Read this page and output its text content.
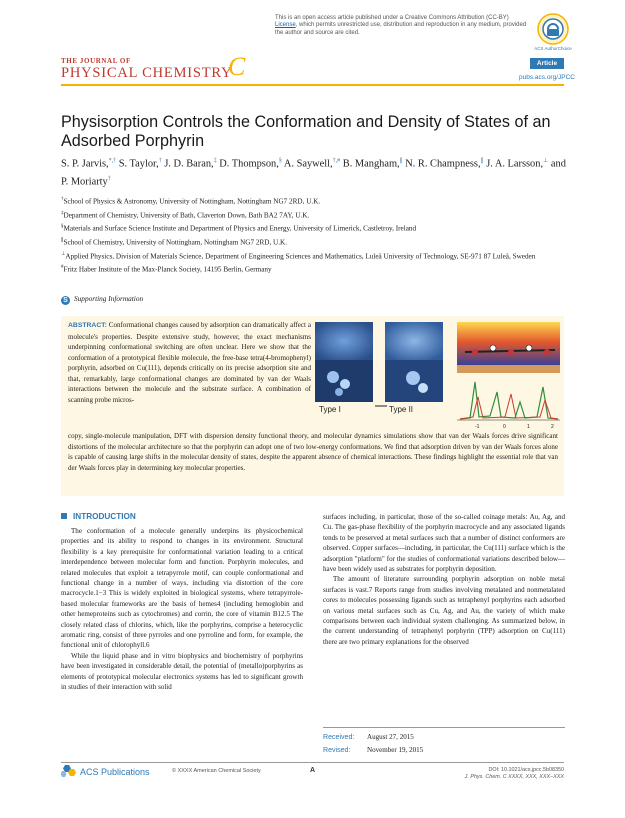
This is an open access article published under a Creative Commons Attribution (CC-BY) License, which permits unrestricted use, distribution and reproduction in any medium, provided the author and source are cited.
ACS AuthorChoice
THE JOURNAL OF
PHYSICAL CHEMISTRY
C	Article
pubs.acs.org/JPCC
Physisorption Controls the Conformation and Density of States of an Adsorbed Porphyrin
S. P. Jarvis,*,† S. Taylor,† J. D. Baran,‡ D. Thompson,§ A. Saywell,†,# B. Mangham,∥ N. R. Champness,∥ J. A. Larsson,⊥ and P. Moriarty†

†School of Physics & Astronomy, University of Nottingham, Nottingham NG7 2RD, U.K.

‡Department of Chemistry, University of Bath, Claverton Down, Bath BA2 7AY, U.K.

§Materials and Surface Science Institute and Department of Physics and Energy, University of Limerick, Castletroy, Ireland

∥School of Chemistry, University of Nottingham, Nottingham NG7 2RD, U.K.

⊥Applied Physics, Division of Materials Science, Department of Engineering Sciences and Mathematics, Luleå University of Technology, SE-971 87 Luleå, Sweden

#Fritz Haber Institute of the Max-Planck Society, 14195 Berlin, Germany

S Supporting Information
ABSTRACT: Conformational changes caused by adsorption can dramatically affect a molecule's properties. Despite extensive study, however, the exact mechanisms underpinning conformational switching are often unclear. Here we show that the conformation of a prototypical flexible molecule, the free-base tetra(4-bromophenyl) porphyrin, adsorbed on Cu(111), depends critically on its precise adsorption site and that, remarkably, large conformational changes are dominated by van der Waals interactions between the molecule and the substrate surface. A combination of scanning probe micros-
copy, single-molecule manipulation, DFT with dispersion density functional theory, and molecular dynamics simulations show that van der Waals forces drive significant distortions of the molecular architecture so that the porphyrin can adopt one of two low-energy conformations. We find that adsorption driven by van der Waals forces alone is capable of causing large shifts in the molecular density of states, despite the apparent absence of chemical interactions. These findings highlight the essential role that van der Waals forces play in determining key molecular properties.
Type I	Type II
-1	0	1	2
INTRODUCTION

The conformation of a molecule generally underpins its physicochemical properties and its ability to respond to changes in its environment. Structural flexibility is a key prerequisite for conformational variation leading to a critical interdependence between molecular form and function. Porphyrin molecules, and related molecules that exploit a tetrapyrrole motif, can couple conformational and functional change in a number of ways, including via distortion of the core macrocycle.1−3 This is widely exploited in biological systems, where tetrapyrrole-based molecular frameworks are the basis of hemes4 (including hemoglobin and other hemeproteins such as cytochromes) and corrin, the core of vitamin B12.5 The closely related class of chlorins, which, like the porphyrins, comprise a heterocyclic aromatic ring, consist of three pyrroles and one pyrroline and form, for example, the functional unit of chlorophyll.6

While the liquid phase and in vitro biophysics and biochemistry of porphyrins have been investigated in considerable detail, the potential of (metallo)porphyrins as elements of prototypical molecular electronics systems has led to significant growth in studies of their interaction with solid

surfaces including, in particular, those of the so-called coinage metals: Au, Ag, and Cu. The gas-phase flexibility of the porphyrin macrocycle and any associated ligands tends to be preserved at metal surfaces such that a number of distinct conformers are observed. Copper surfaces—including, in particular, the Cu(111) surface which is the adsorption "platform" for the studies of conformational variations described below—have been widely used as substrates for porphyrin deposition.

The amount of literature surrounding porphyrin adsorption on noble metal surfaces is vast.7 Reports range from studies involving metalated and nonmetalated cores to molecules possessing ligands such as tetraphenyl porphyrins each adsorbed on various metal surfaces such as Cu, Ag, and Au, the variety of which make comparisons between each individual system challenging. As summarized below, in the current understanding of tetraphenyl porphyrin (TPP) adsorption on Cu(111) there are two primary explanations for the observed

Received: August 27, 2015
Revised: November 19, 2015
ACS Publications	© XXXX American Chemical Society	A	DOI: 10.1021/acs.jpcc.5b08350
J. Phys. Chem. C XXXX, XXX, XXX−XXX
